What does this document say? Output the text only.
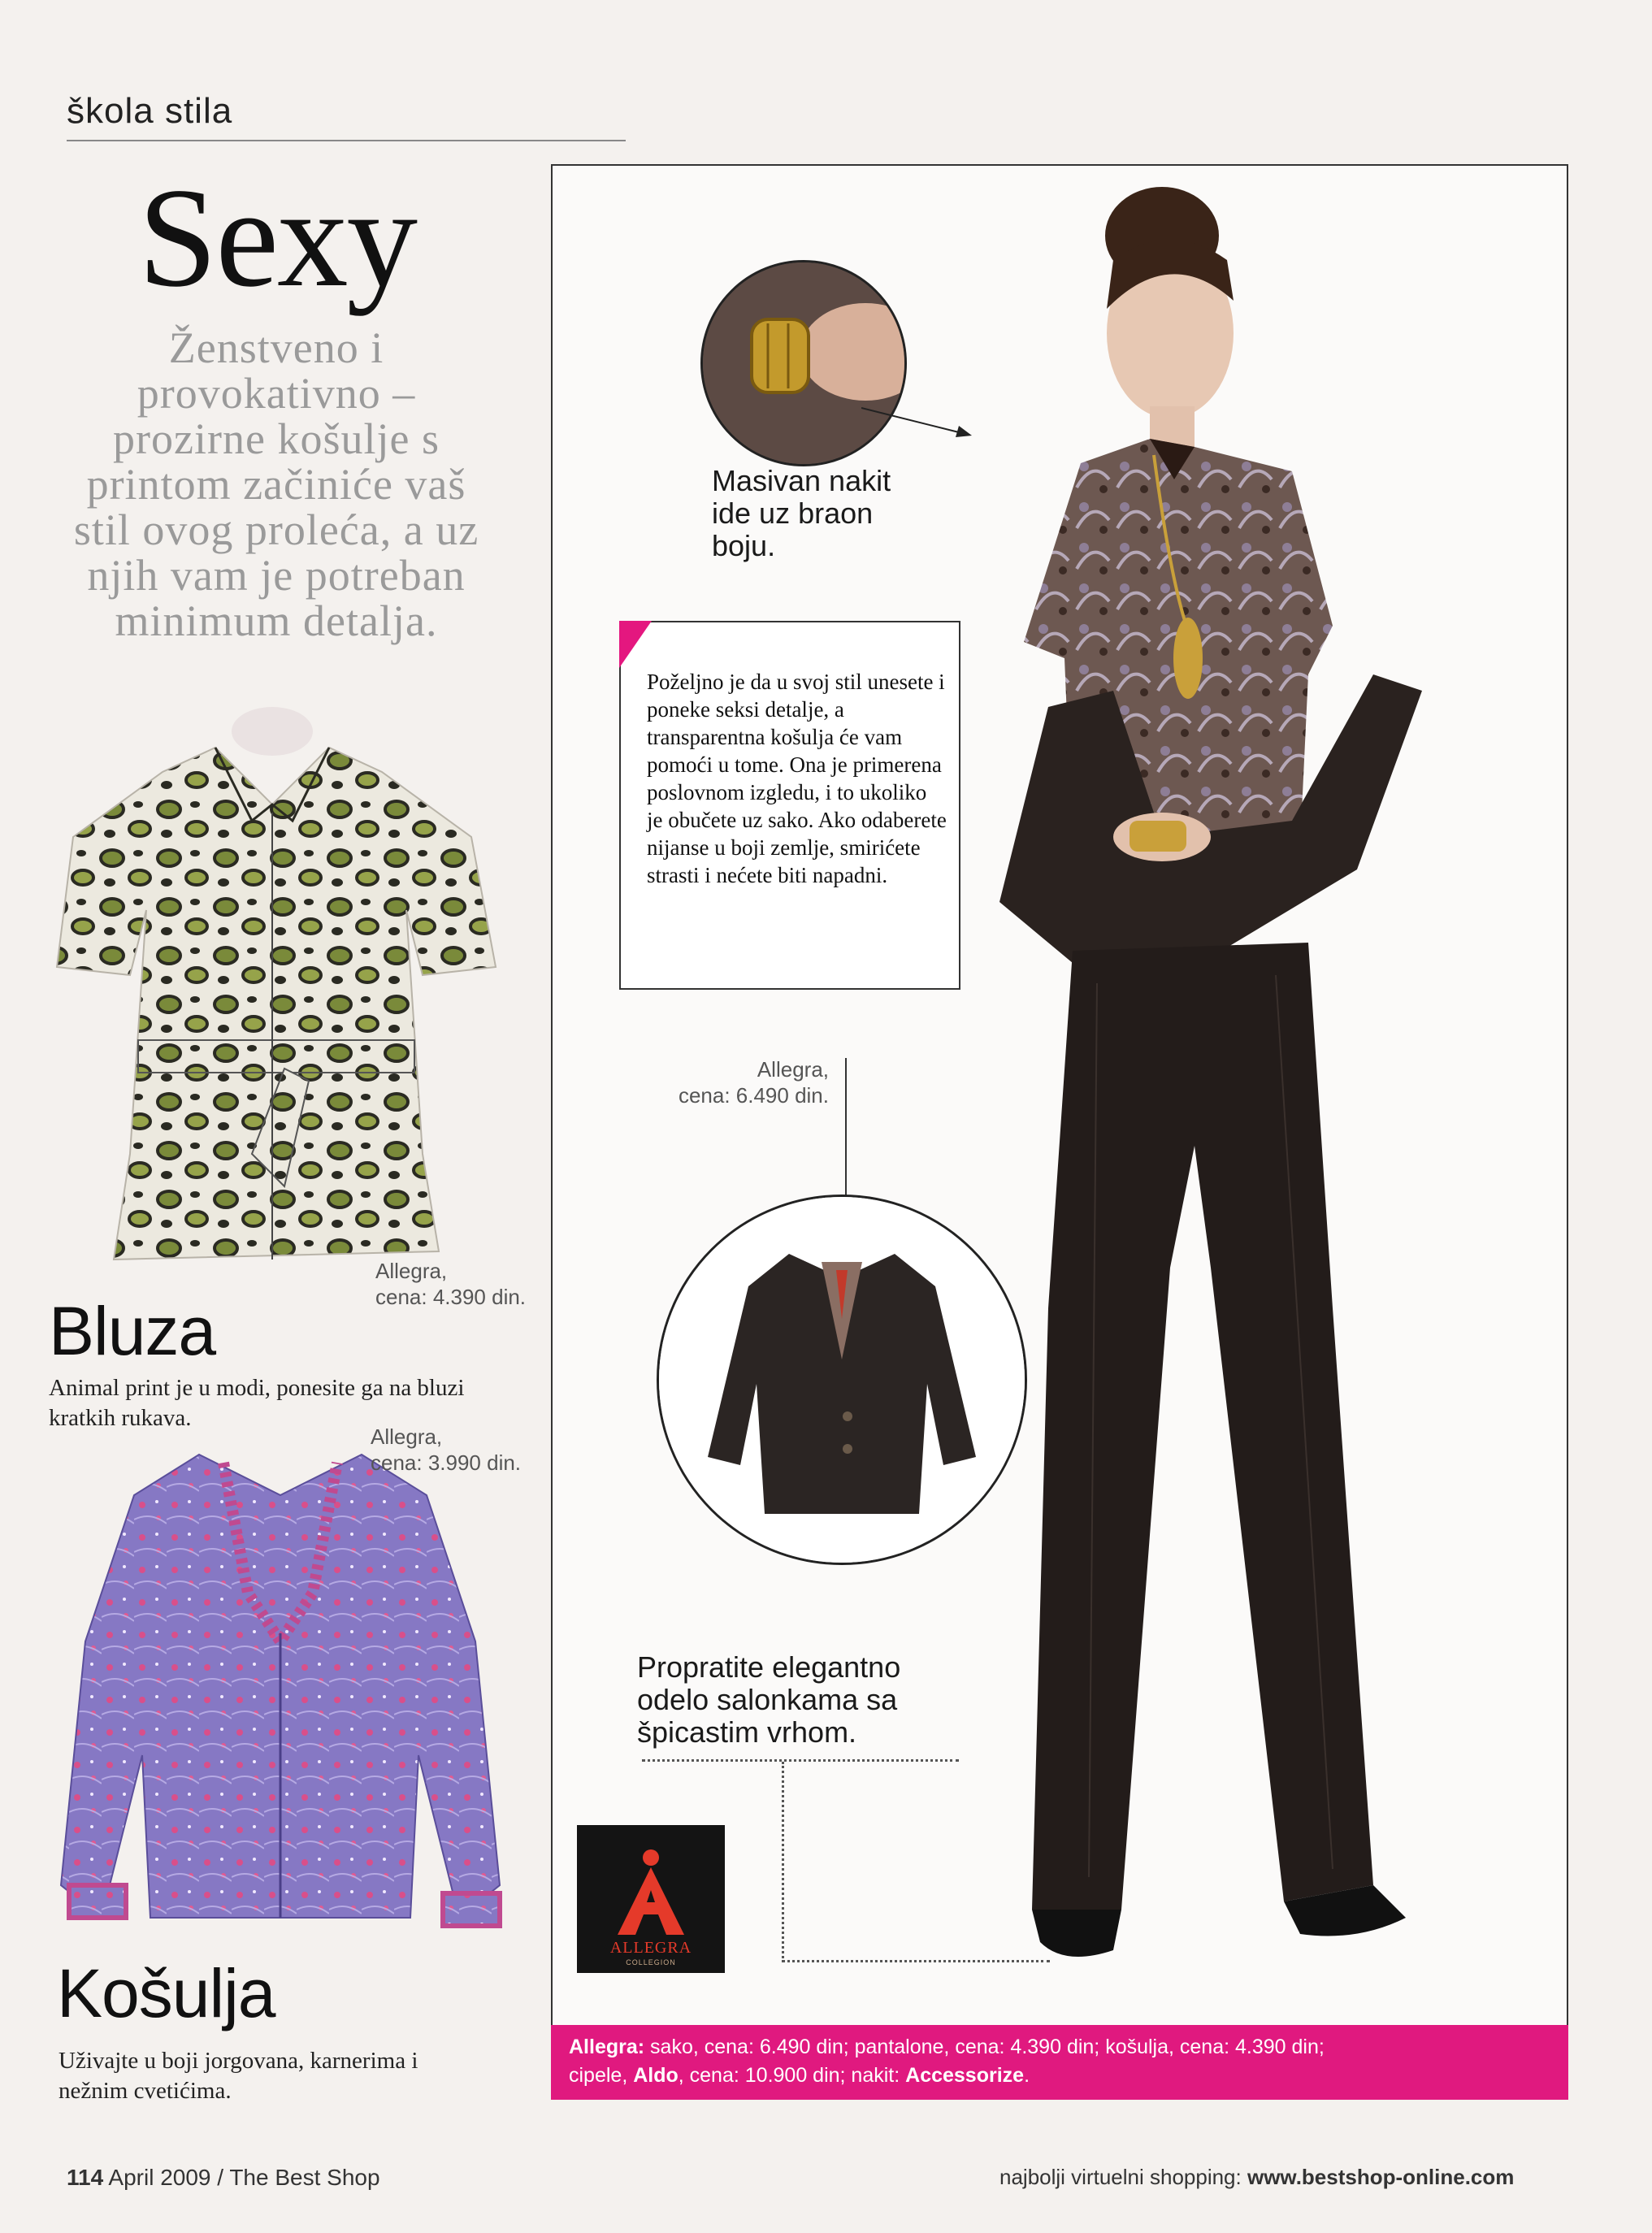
škola stila
Sexy
Ženstveno i provokativno – prozirne košulje s printom začiniće vaš stil ovog proleća, a uz njih vam je potreban minimum detalja.
Allegra,
cena: 4.390 din.
Bluza
Animal print je u modi, ponesite ga na bluzi kratkih rukava.
Allegra,
cena: 3.990 din.
Košulja
Uživajte u boji jorgovana, karnerima i nežnim cvetićima.
Masivan nakit ide uz braon boju.
Poželjno je da u svoj stil unesete i poneke seksi detalje, a transparentna košulja će vam pomoći u tome. Ona je primerena poslovnom izgledu, i to ukoliko je obučete uz sako. Ako odaberete nijanse u boji zemlje, smirićete strasti i nećete biti napadni.
Allegra,
cena: 6.490 din.
Propratite elegantno odelo salonkama sa špicastim vrhom.
ALLEGRA
COLLEGION
Allegra: sako, cena: 6.490 din; pantalone, cena: 4.390 din; košulja, cena: 4.390 din;
cipele, Aldo, cena: 10.900 din; nakit: Accessorize.
114 April 2009 / The Best Shop	najbolji virtuelni shopping: www.bestshop-online.com
